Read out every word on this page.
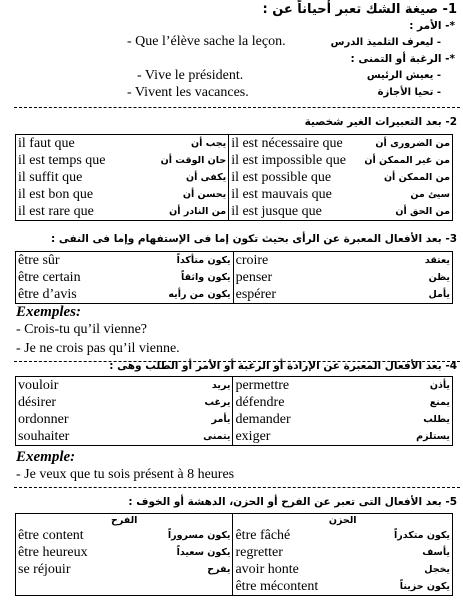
1- صيغة الشك تعبر أحياناً عن :
*- الأمر :
- ليعرف التلميذ الدرس
- Que l’élève sache la leçon.
*- الرغبة أو التمنى :
- يعيش الرئيس
- Vive le président.
- تحيا الأجازة
- Vivent les vacances.
2- بعد التعبيرات الغير شخصية
il faut que	يجب أن	il est nécessaire que	من الضرورى أن
il est temps que	حان الوقت أن	il est impossible que	من غير الممكن أن
il suffit que	يكفى أن	il est possible que	من الممكن أن
il est bon que	يحسن أن	il est mauvais que	سيئ من
il est rare que	من النادر أن	il est jusque que	من الحق أن
3- بعد الأفعال المعبرة عن الرأى بحيث تكون إما فى الإستفهام وإما فى النفى :
être sûr	يكون متأكداً	croire	يعتقد
être certain	يكون واثقاً	penser	يظن
être d’avis	يكون من رأيه	espérer	يأمل
Exemples:
- Crois-tu qu’il vienne?
- Je ne crois pas qu’il vienne.
4- بعد الأفعال المعبرة عن الإرادة أو الرغبة أو الأمر أو الطلب وهى :
vouloir	يريد	permettre	يأذن
désirer	يرغب	défendre	يمنع
ordonner	يأمر	demander	يطلب
souhaiter	يتمنى	exiger	يستلزم
Exemple:
- Je veux que tu sois présent à 8 heures
5- بعد الأفعال التى تعبر عن الفرح أو الحزن، الدهشة أو الخوف :
الفرح		الحزن	
être content	يكون مسروراً	être fâché	يكون متكدراً
être heureux	يكون سعيداً	regretter	يأسف
se réjouir	يفرح	avoir honte	يخجل
		être mécontent	يكون حزيناً
